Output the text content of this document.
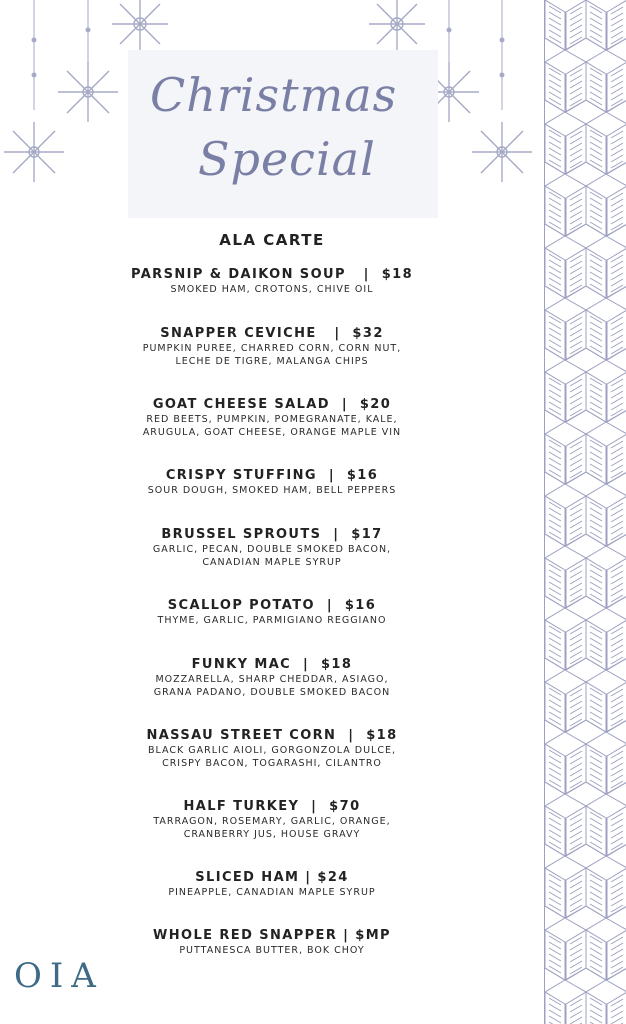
Christmas
Special
ALA CARTE
PARSNIP & DAIKON SOUP   |  $18
SMOKED HAM, CROTONS, CHIVE OIL
SNAPPER CEVICHE   |  $32
PUMPKIN PUREE, CHARRED CORN, CORN NUT,
LECHE DE TIGRE, MALANGA CHIPS
GOAT CHEESE SALAD  |  $20
RED BEETS, PUMPKIN, POMEGRANATE, KALE,
ARUGULA, GOAT CHEESE, ORANGE MAPLE VIN
CRISPY STUFFING  |  $16
SOUR DOUGH, SMOKED HAM, BELL PEPPERS
BRUSSEL SPROUTS  |  $17
GARLIC, PECAN, DOUBLE SMOKED BACON,
CANADIAN MAPLE SYRUP
SCALLOP POTATO  |  $16
THYME, GARLIC, PARMIGIANO REGGIANO
FUNKY MAC  |  $18
MOZZARELLA, SHARP CHEDDAR, ASIAGO,
GRANA PADANO, DOUBLE SMOKED BACON
NASSAU STREET CORN  |  $18
BLACK GARLIC AIOLI, GORGONZOLA DULCE,
CRISPY BACON, TOGARASHI, CILANTRO
HALF TURKEY  |  $70
TARRAGON, ROSEMARY, GARLIC, ORANGE,
CRANBERRY JUS, HOUSE GRAVY
SLICED HAM | $24
PINEAPPLE, CANADIAN MAPLE SYRUP
WHOLE RED SNAPPER | $MP
PUTTANESCA BUTTER, BOK CHOY
OIA
